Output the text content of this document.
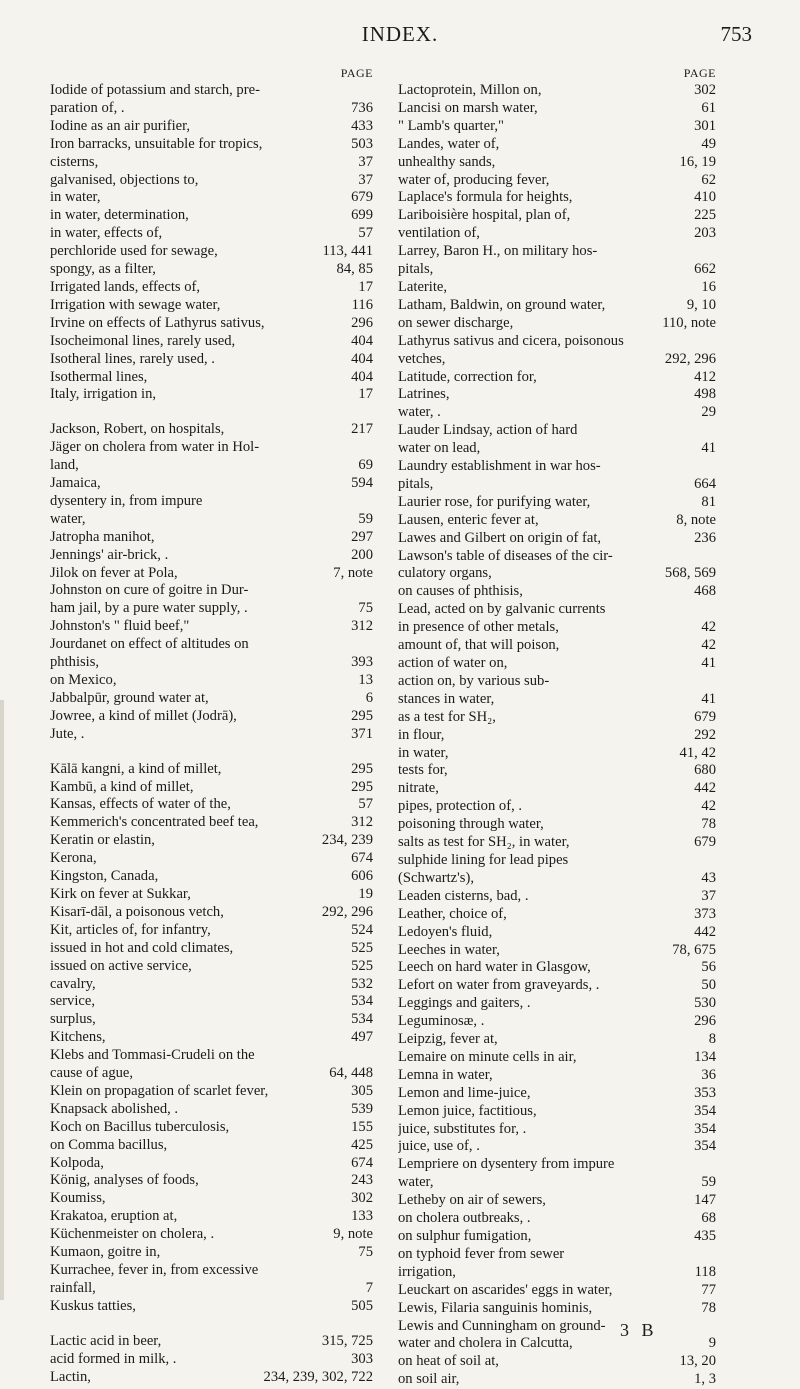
INDEX.	753
PAGE
Iodide of potassium and starch, pre-
paration of, .	736
Iodine as an air purifier,	433
Iron barracks, unsuitable for tropics,	503
cisterns,	37
galvanised, objections to,	37
in water,	679
in water, determination,	699
in water, effects of,	57
perchloride used for sewage,	113, 441
spongy, as a filter,	84, 85
Irrigated lands, effects of,	17
Irrigation with sewage water,	116
Irvine on effects of Lathyrus sativus,	296
Isocheimonal lines, rarely used,	404
Isotheral lines, rarely used, .	404
Isothermal lines,	404
Italy, irrigation in,	17
Jackson, Robert, on hospitals,	217
Jäger on cholera from water in Hol-
land,	69
Jamaica,	594
dysentery in, from impure
water,	59
Jatropha manihot,	297
Jennings' air-brick, .	200
Jilok on fever at Pola,	7, note
Johnston on cure of goitre in Dur-
ham jail, by a pure water supply, .	75
Johnston's " fluid beef,"	312
Jourdanet on effect of altitudes on
phthisis,	393
on Mexico,	13
Jabbalpūr, ground water at,	6
Jowree, a kind of millet (Jodrā),	295
Jute, .	371
Kālā kangni, a kind of millet,	295
Kambū, a kind of millet,	295
Kansas, effects of water of the,	57
Kemmerich's concentrated beef tea,	312
Keratin or elastin,	234, 239
Kerona,	674
Kingston, Canada,	606
Kirk on fever at Sukkar,	19
Kisarī-dāl, a poisonous vetch,	292, 296
Kit, articles of, for infantry,	524
issued in hot and cold climates,	525
issued on active service,	525
cavalry,	532
service,	534
surplus,	534
Kitchens,	497
Klebs and Tommasi-Crudeli on the
cause of ague,	64, 448
Klein on propagation of scarlet fever,	305
Knapsack abolished, .	539
Koch on Bacillus tuberculosis,	155
on Comma bacillus,	425
Kolpoda,	674
König, analyses of foods,	243
Koumiss,	302
Krakatoa, eruption at,	133
Küchenmeister on cholera, .	9, note
Kumaon, goitre in,	75
Kurrachee, fever in, from excessive
rainfall,	7
Kuskus tatties,	505
Lactic acid in beer,	315, 725
acid formed in milk, .	303
Lactin,	234, 239, 302, 722
PAGE
Lactoprotein, Millon on,	302
Lancisi on marsh water,	61
" Lamb's quarter,"	301
Landes, water of,	49
unhealthy sands,	16, 19
water of, producing fever,	62
Laplace's formula for heights,	410
Lariboisière hospital, plan of,	225
ventilation of,	203
Larrey, Baron H., on military hos-
pitals,	662
Laterite,	16
Latham, Baldwin, on ground water,	9, 10
on sewer discharge,	110, note
Lathyrus sativus and cicera, poisonous
vetches,	292, 296
Latitude, correction for,	412
Latrines,	498
water, .	29
Lauder Lindsay, action of hard
water on lead,	41
Laundry establishment in war hos-
pitals,	664
Laurier rose, for purifying water,	81
Lausen, enteric fever at,	8, note
Lawes and Gilbert on origin of fat,	236
Lawson's table of diseases of the cir-
culatory organs,	568, 569
on causes of phthisis,	468
Lead, acted on by galvanic currents
in presence of other metals,	42
amount of, that will poison,	42
action of water on,	41
action on, by various sub-
stances in water,	41
as a test for SH₂,	679
in flour,	292
in water,	41, 42
tests for,	680
nitrate,	442
pipes, protection of, .	42
poisoning through water,	78
salts as test for SH₂, in water,	679
sulphide lining for lead pipes
(Schwartz's),	43
Leaden cisterns, bad, .	37
Leather, choice of,	373
Ledoyen's fluid,	442
Leeches in water,	78, 675
Leech on hard water in Glasgow,	56
Lefort on water from graveyards, .	50
Leggings and gaiters, .	530
Leguminosæ, .	296
Leipzig, fever at,	8
Lemaire on minute cells in air,	134
Lemna in water,	36
Lemon and lime-juice,	353
Lemon juice, factitious,	354
juice, substitutes for, .	354
juice, use of, .	354
Lempriere on dysentery from impure
water,	59
Letheby on air of sewers,	147
on cholera outbreaks, .	68
on sulphur fumigation,	435
on typhoid fever from sewer
irrigation,	118
Leuckart on ascarides' eggs in water,	77
Lewis, Filaria sanguinis hominis,	78
Lewis and Cunningham on ground-
water and cholera in Calcutta,	9
on heat of soil at,	13, 20
on soil air,	1, 3
3 B
